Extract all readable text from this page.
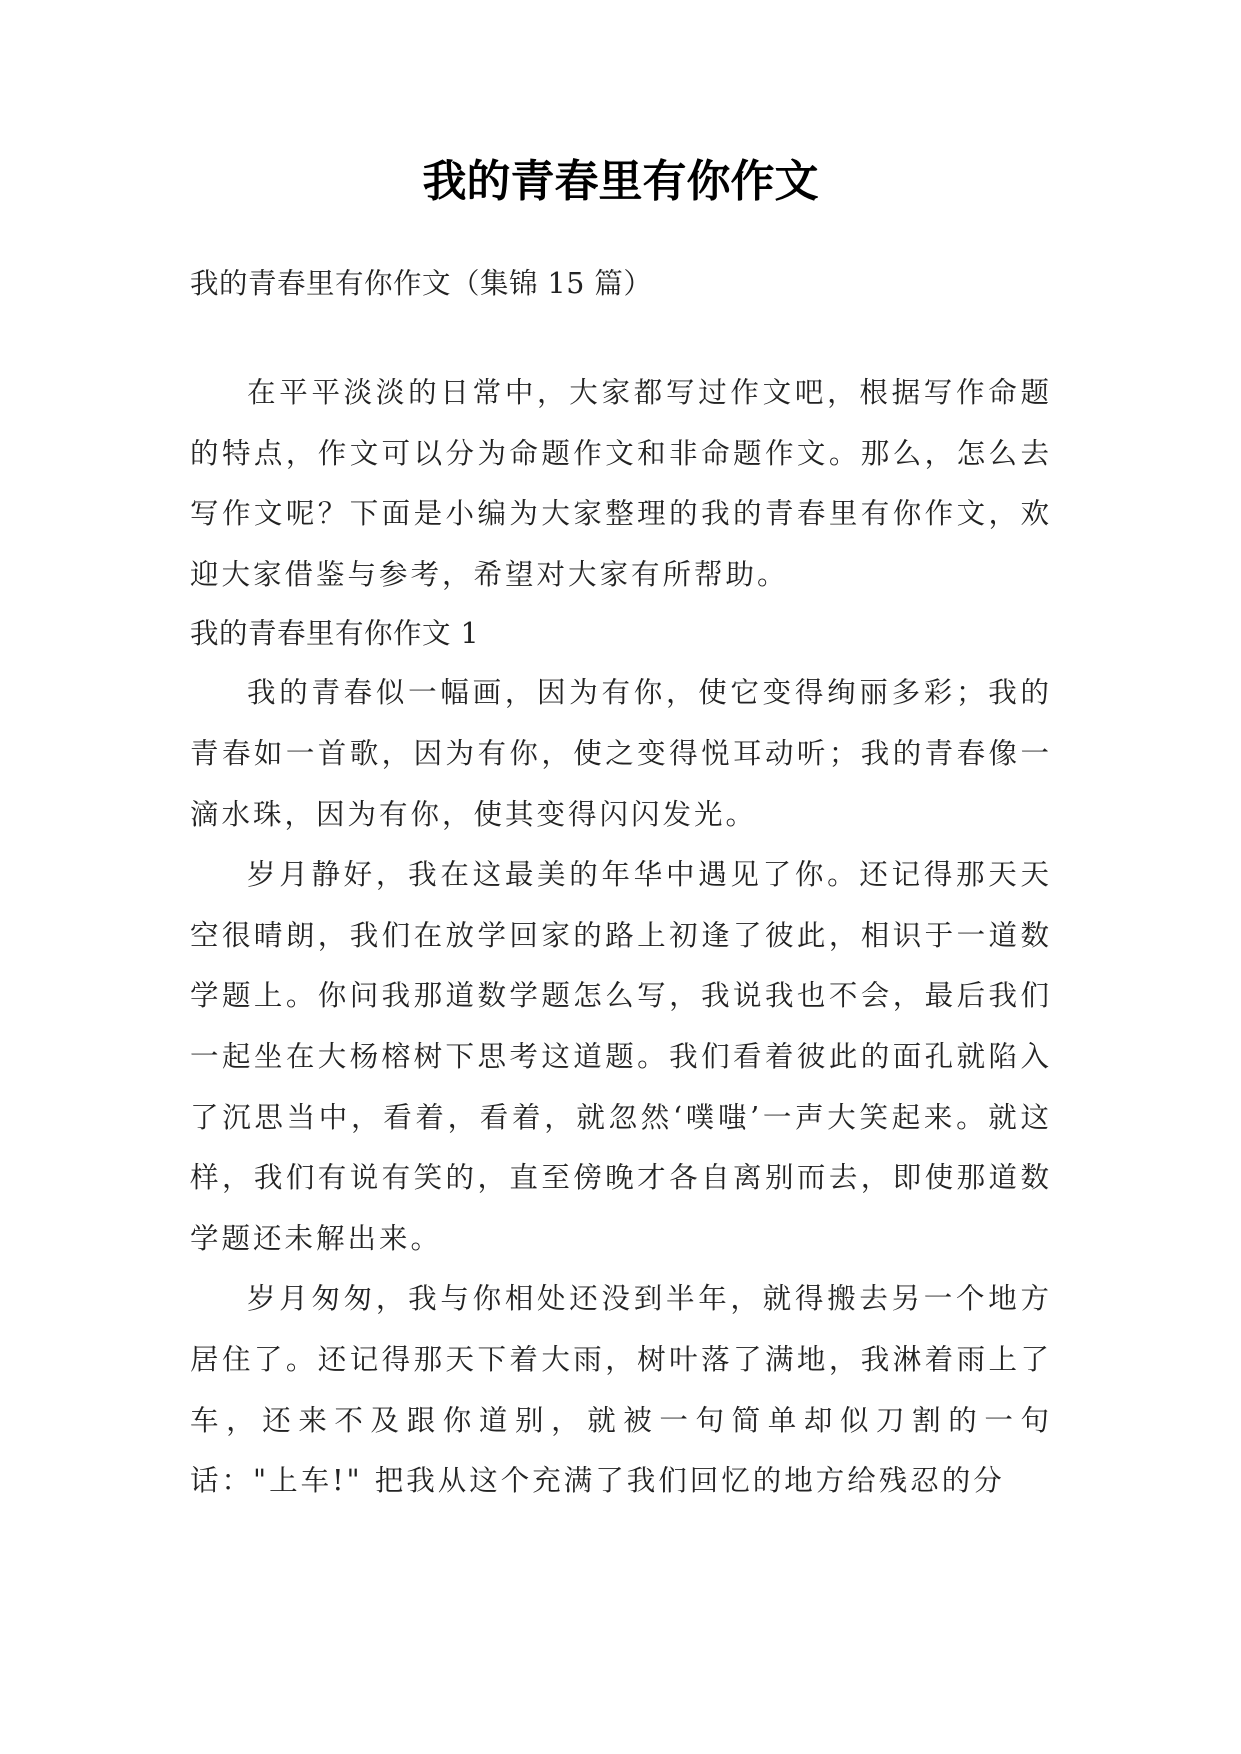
我的青春里有你作文

我的青春里有你作文（集锦 15 篇）

在平平淡淡的日常中，大家都写过作文吧，根据写作命题的特点，作文可以分为命题作文和非命题作文。那么，怎么去写作文呢？下面是小编为大家整理的我的青春里有你作文，欢迎大家借鉴与参考，希望对大家有所帮助。

我的青春里有你作文 1

我的青春似一幅画，因为有你，使它变得绚丽多彩；我的青春如一首歌，因为有你，使之变得悦耳动听；我的青春像一滴水珠，因为有你，使其变得闪闪发光。

岁月静好，我在这最美的年华中遇见了你。还记得那天天空很晴朗，我们在放学回家的路上初逢了彼此，相识于一道数学题上。你问我那道数学题怎么写，我说我也不会，最后我们一起坐在大杨榕树下思考这道题。我们看着彼此的面孔就陷入了沉思当中，看着，看着，就忽然‘噗嗤’一声大笑起来。就这样，我们有说有笑的，直至傍晚才各自离别而去，即使那道数学题还未解出来。

岁月匆匆，我与你相处还没到半年，就得搬去另一个地方居住了。还记得那天下着大雨，树叶落了满地，我淋着雨上了车，还来不及跟你道别，就被一句简单却似刀割的一句话："上车!" 把我从这个充满了我们回忆的地方给残忍的分
